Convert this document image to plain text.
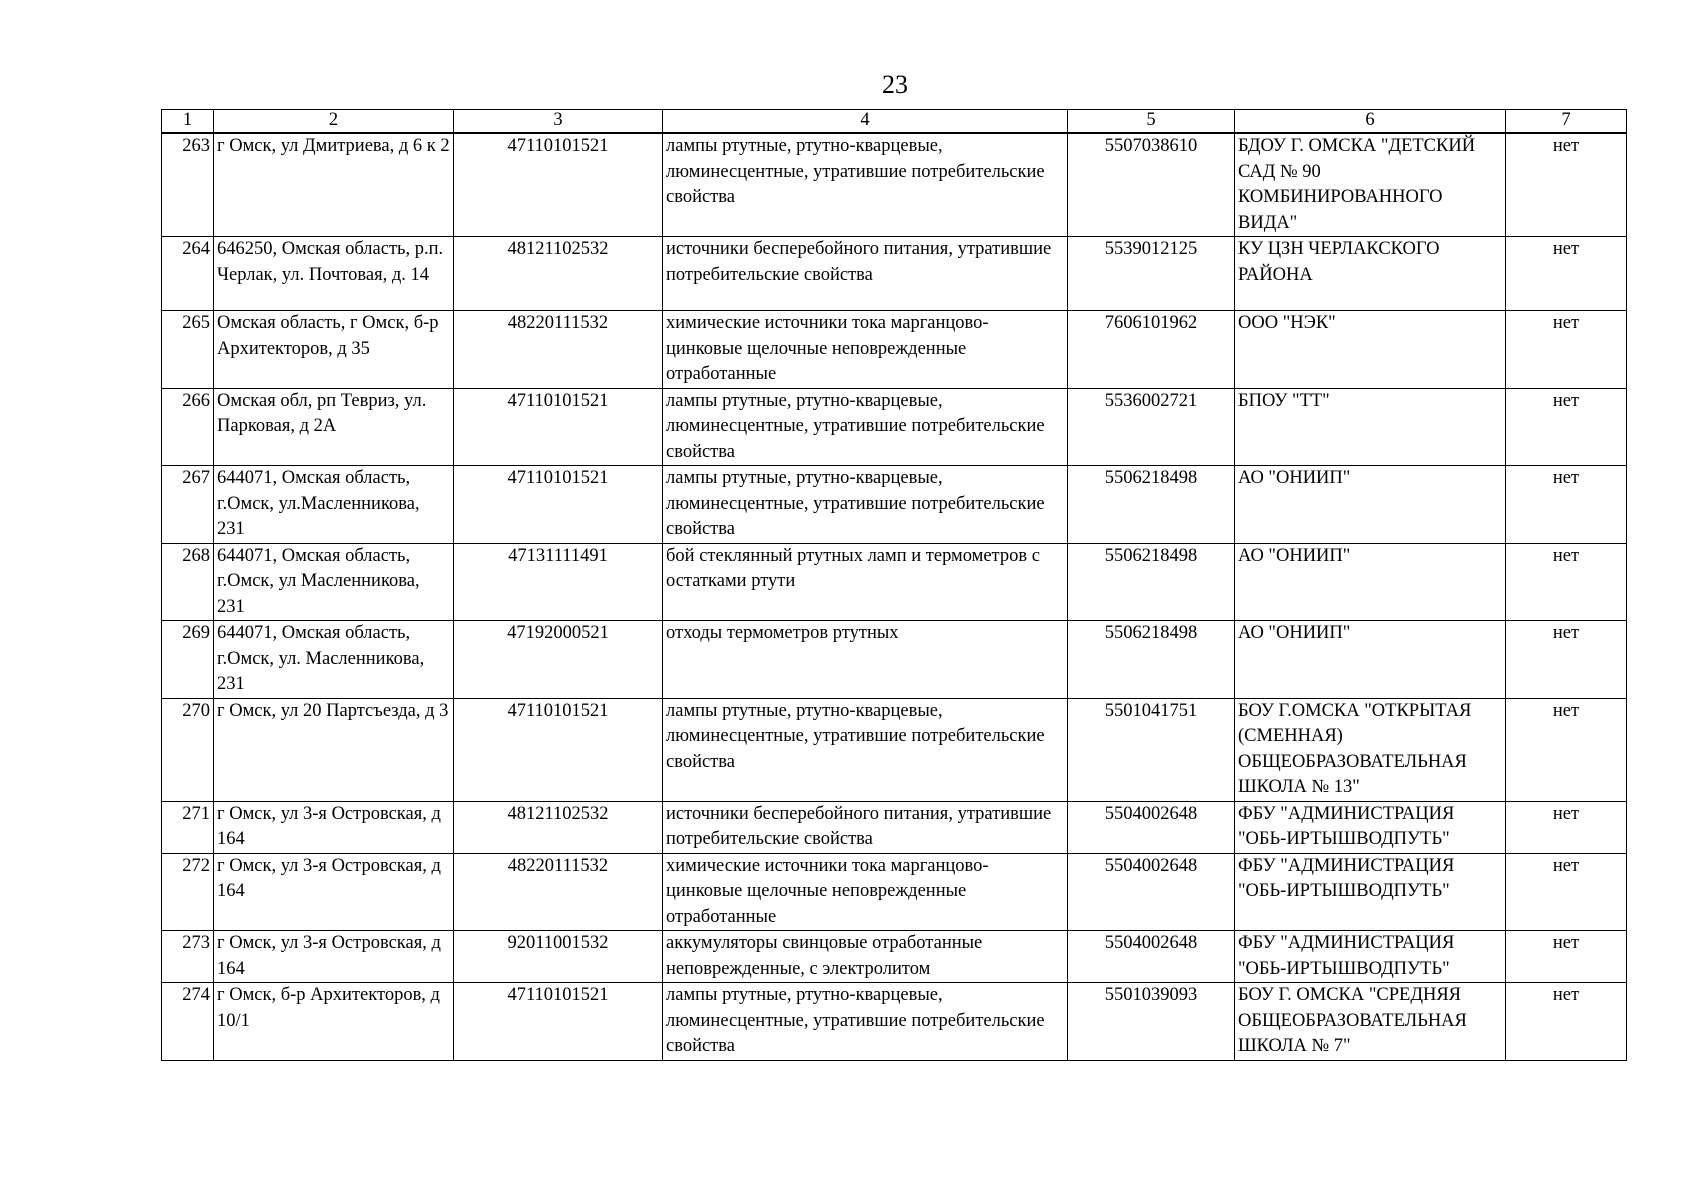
23
1	2	3	4	5	6	7
263	г Омск, ул Дмитриева, д 6 к 2	47110101521	лампы ртутные, ртутно-кварцевые, люминесцентные, утратившие потребительские свойства	5507038610	БДОУ Г. ОМСКА "ДЕТСКИЙ САД № 90 КОМБИНИРОВАННОГО ВИДА"	нет
264	646250, Омская область, р.п. Черлак, ул. Почтовая, д. 14	48121102532	источники бесперебойного питания, утратившие потребительские свойства	5539012125	КУ ЦЗН ЧЕРЛАКСКОГО РАЙОНА	нет
265	Омская область, г Омск, б-р Архитекторов, д 35	48220111532	химические источники тока марганцово-цинковые щелочные неповрежденные отработанные	7606101962	ООО "НЭК"	нет
266	Омская обл, рп Тевриз, ул. Парковая, д 2А	47110101521	лампы ртутные, ртутно-кварцевые, люминесцентные, утратившие потребительские свойства	5536002721	БПОУ "ТТ"	нет
267	644071, Омская область, г.Омск, ул.Масленникова, 231	47110101521	лампы ртутные, ртутно-кварцевые, люминесцентные, утратившие потребительские свойства	5506218498	АО "ОНИИП"	нет
268	644071, Омская область, г.Омск, ул Масленникова, 231	47131111491	бой стеклянный ртутных ламп и термометров с остатками ртути	5506218498	АО "ОНИИП"	нет
269	644071, Омская область, г.Омск, ул. Масленникова, 231	47192000521	отходы термометров ртутных	5506218498	АО "ОНИИП"	нет
270	г Омск, ул 20 Партсъезда, д 3	47110101521	лампы ртутные, ртутно-кварцевые, люминесцентные, утратившие потребительские свойства	5501041751	БОУ Г.ОМСКА "ОТКРЫТАЯ (СМЕННАЯ) ОБЩЕОБРАЗОВАТЕЛЬНАЯ ШКОЛА № 13"	нет
271	г Омск, ул 3-я Островская, д 164	48121102532	источники бесперебойного питания, утратившие потребительские свойства	5504002648	ФБУ "АДМИНИСТРАЦИЯ "ОБЬ-ИРТЫШВОДПУТЬ"	нет
272	г Омск, ул 3-я Островская, д 164	48220111532	химические источники тока марганцово-цинковые щелочные неповрежденные отработанные	5504002648	ФБУ "АДМИНИСТРАЦИЯ "ОБЬ-ИРТЫШВОДПУТЬ"	нет
273	г Омск, ул 3-я Островская, д 164	92011001532	аккумуляторы свинцовые отработанные неповрежденные, с электролитом	5504002648	ФБУ "АДМИНИСТРАЦИЯ "ОБЬ-ИРТЫШВОДПУТЬ"	нет
274	г Омск, б-р Архитекторов, д 10/1	47110101521	лампы ртутные, ртутно-кварцевые, люминесцентные, утратившие потребительские свойства	5501039093	БОУ Г. ОМСКА "СРЕДНЯЯ ОБЩЕОБРАЗОВАТЕЛЬНАЯ ШКОЛА № 7"	нет
